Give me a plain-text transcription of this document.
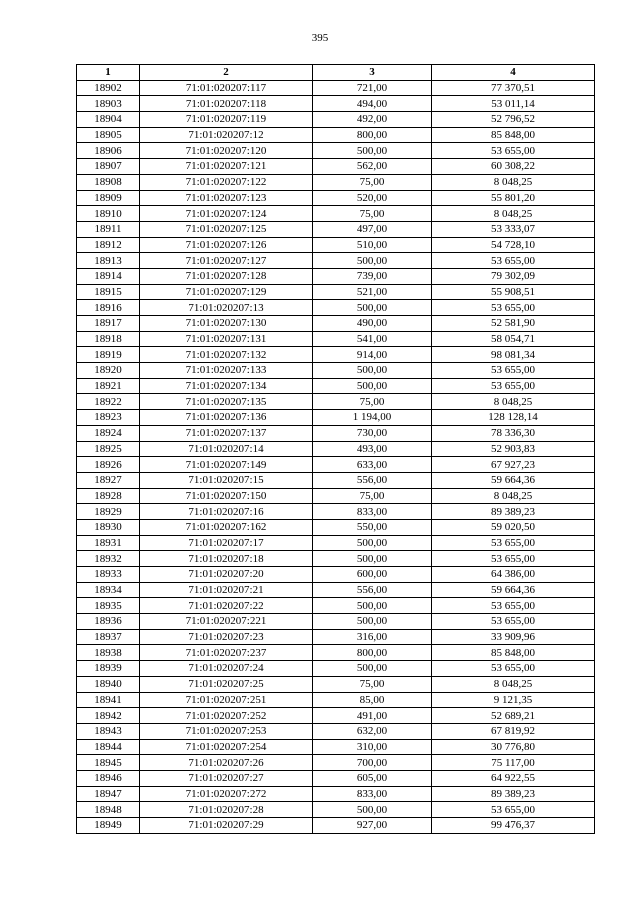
395
1	2	3	4
18902	71:01:020207:117	721,00	77 370,51
18903	71:01:020207:118	494,00	53 011,14
18904	71:01:020207:119	492,00	52 796,52
18905	71:01:020207:12	800,00	85 848,00
18906	71:01:020207:120	500,00	53 655,00
18907	71:01:020207:121	562,00	60 308,22
18908	71:01:020207:122	75,00	8 048,25
18909	71:01:020207:123	520,00	55 801,20
18910	71:01:020207:124	75,00	8 048,25
18911	71:01:020207:125	497,00	53 333,07
18912	71:01:020207:126	510,00	54 728,10
18913	71:01:020207:127	500,00	53 655,00
18914	71:01:020207:128	739,00	79 302,09
18915	71:01:020207:129	521,00	55 908,51
18916	71:01:020207:13	500,00	53 655,00
18917	71:01:020207:130	490,00	52 581,90
18918	71:01:020207:131	541,00	58 054,71
18919	71:01:020207:132	914,00	98 081,34
18920	71:01:020207:133	500,00	53 655,00
18921	71:01:020207:134	500,00	53 655,00
18922	71:01:020207:135	75,00	8 048,25
18923	71:01:020207:136	1 194,00	128 128,14
18924	71:01:020207:137	730,00	78 336,30
18925	71:01:020207:14	493,00	52 903,83
18926	71:01:020207:149	633,00	67 927,23
18927	71:01:020207:15	556,00	59 664,36
18928	71:01:020207:150	75,00	8 048,25
18929	71:01:020207:16	833,00	89 389,23
18930	71:01:020207:162	550,00	59 020,50
18931	71:01:020207:17	500,00	53 655,00
18932	71:01:020207:18	500,00	53 655,00
18933	71:01:020207:20	600,00	64 386,00
18934	71:01:020207:21	556,00	59 664,36
18935	71:01:020207:22	500,00	53 655,00
18936	71:01:020207:221	500,00	53 655,00
18937	71:01:020207:23	316,00	33 909,96
18938	71:01:020207:237	800,00	85 848,00
18939	71:01:020207:24	500,00	53 655,00
18940	71:01:020207:25	75,00	8 048,25
18941	71:01:020207:251	85,00	9 121,35
18942	71:01:020207:252	491,00	52 689,21
18943	71:01:020207:253	632,00	67 819,92
18944	71:01:020207:254	310,00	30 776,80
18945	71:01:020207:26	700,00	75 117,00
18946	71:01:020207:27	605,00	64 922,55
18947	71:01:020207:272	833,00	89 389,23
18948	71:01:020207:28	500,00	53 655,00
18949	71:01:020207:29	927,00	99 476,37
